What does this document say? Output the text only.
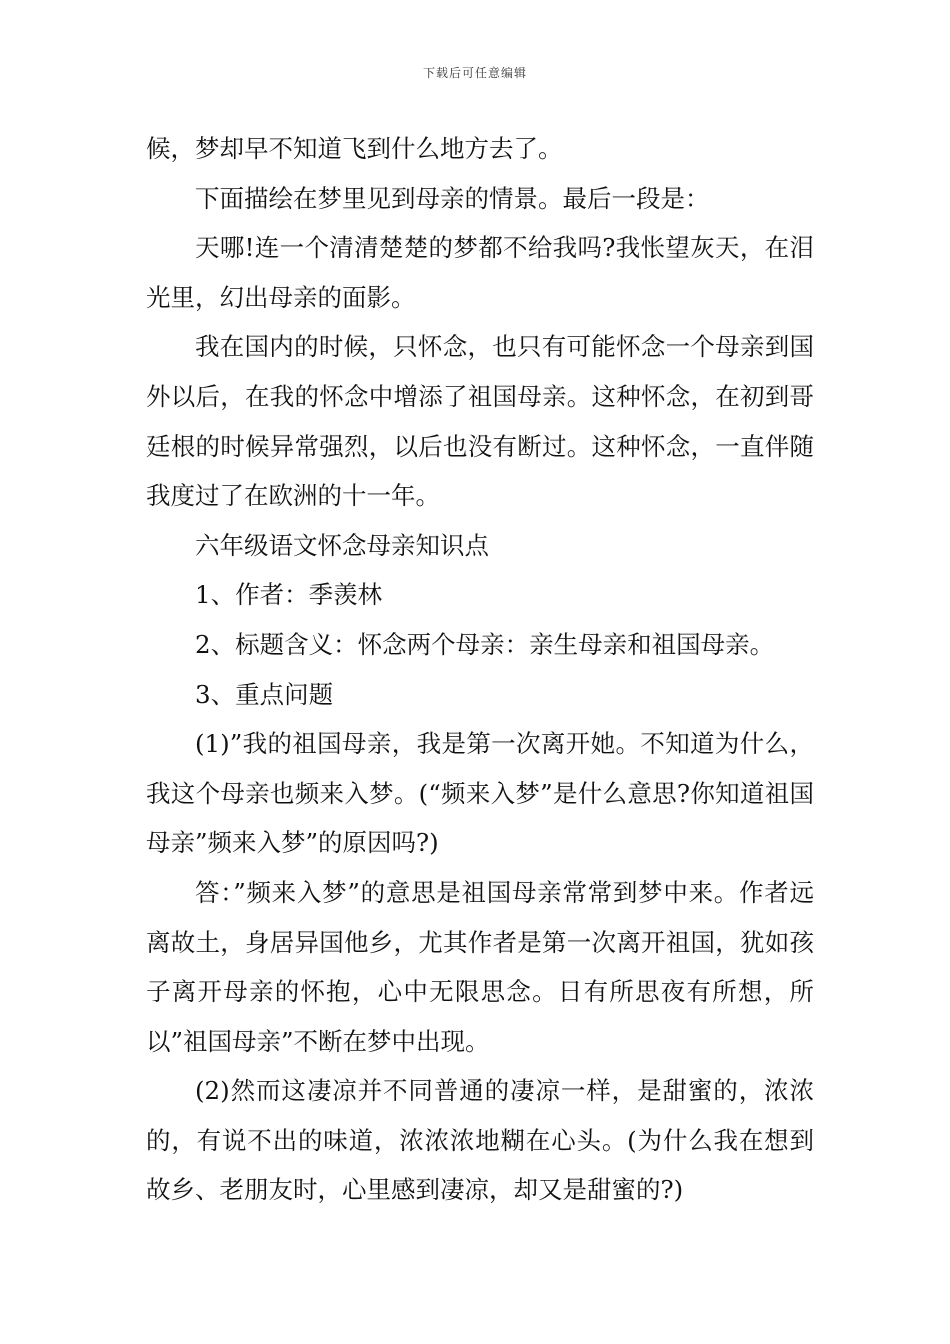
下载后可任意编辑

候，梦却早不知道飞到什么地方去了。

下面描绘在梦里见到母亲的情景。最后一段是：

天哪!连一个清清楚楚的梦都不给我吗?我怅望灰天，在泪光里，幻出母亲的面影。

我在国内的时候，只怀念，也只有可能怀念一个母亲到国外以后，在我的怀念中增添了祖国母亲。这种怀念，在初到哥廷根的时候异常强烈，以后也没有断过。这种怀念，一直伴随我度过了在欧洲的十一年。

六年级语文怀念母亲知识点

1、作者：季羡林

2、标题含义：怀念两个母亲：亲生母亲和祖国母亲。

3、重点问题

(1)”我的祖国母亲，我是第一次离开她。不知道为什么，我这个母亲也频来入梦。(“频来入梦”是什么意思?你知道祖国母亲”频来入梦”的原因吗?)

答：”频来入梦”的意思是祖国母亲常常到梦中来。作者远离故土，身居异国他乡，尤其作者是第一次离开祖国，犹如孩子离开母亲的怀抱，心中无限思念。日有所思夜有所想，所以”祖国母亲”不断在梦中出现。

(2)然而这凄凉并不同普通的凄凉一样，是甜蜜的，浓浓的，有说不出的味道，浓浓浓地糊在心头。(为什么我在想到故乡、老朋友时，心里感到凄凉，却又是甜蜜的?)
